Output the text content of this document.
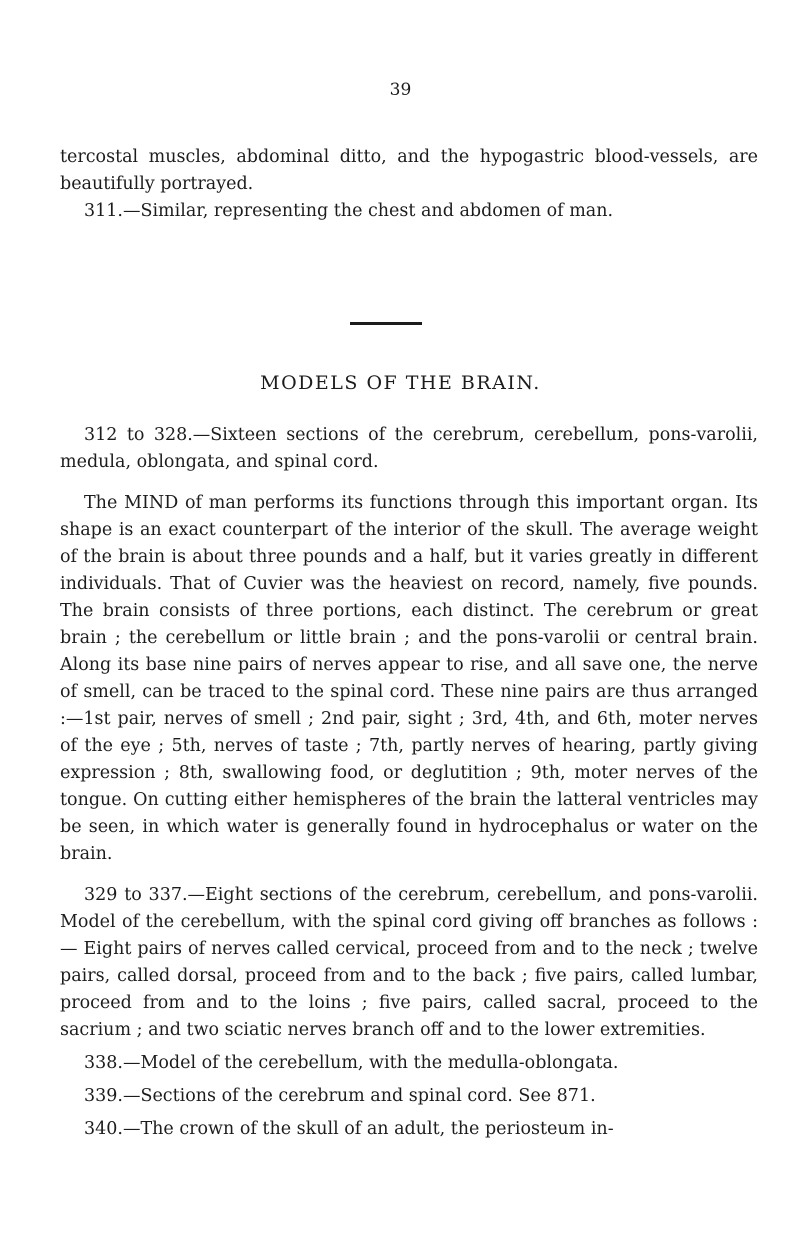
39

tercostal muscles, abdominal ditto, and the hypogastric blood-vessels, are beautifully portrayed.

311.—Similar, representing the chest and abdomen of man.

MODELS OF THE BRAIN.

312 to 328.—Sixteen sections of the cerebrum, cerebellum, pons-varolii, medula, oblongata, and spinal cord.

The MIND of man performs its functions through this important organ. Its shape is an exact counterpart of the interior of the skull. The average weight of the brain is about three pounds and a half, but it varies greatly in different individuals. That of Cuvier was the heaviest on record, namely, five pounds. The brain consists of three portions, each distinct. The cerebrum or great brain ; the cerebellum or little brain ; and the pons-varolii or central brain. Along its base nine pairs of nerves appear to rise, and all save one, the nerve of smell, can be traced to the spinal cord. These nine pairs are thus arranged :—1st pair, nerves of smell ; 2nd pair, sight ; 3rd, 4th, and 6th, moter nerves of the eye ; 5th, nerves of taste ; 7th, partly nerves of hearing, partly giving expression ; 8th, swallowing food, or deglutition ; 9th, moter nerves of the tongue. On cutting either hemispheres of the brain the latteral ventricles may be seen, in which water is generally found in hydrocephalus or water on the brain.

329 to 337.—Eight sections of the cerebrum, cerebellum, and pons-varolii. Model of the cerebellum, with the spinal cord giving off branches as follows :— Eight pairs of nerves called cervical, proceed from and to the neck ; twelve pairs, called dorsal, proceed from and to the back ; five pairs, called lumbar, proceed from and to the loins ; five pairs, called sacral, proceed to the sacrium ; and two sciatic nerves branch off and to the lower extremities.

338.—Model of the cerebellum, with the medulla-oblongata.

339.—Sections of the cerebrum and spinal cord. See 871.

340.—The crown of the skull of an adult, the periosteum in-
